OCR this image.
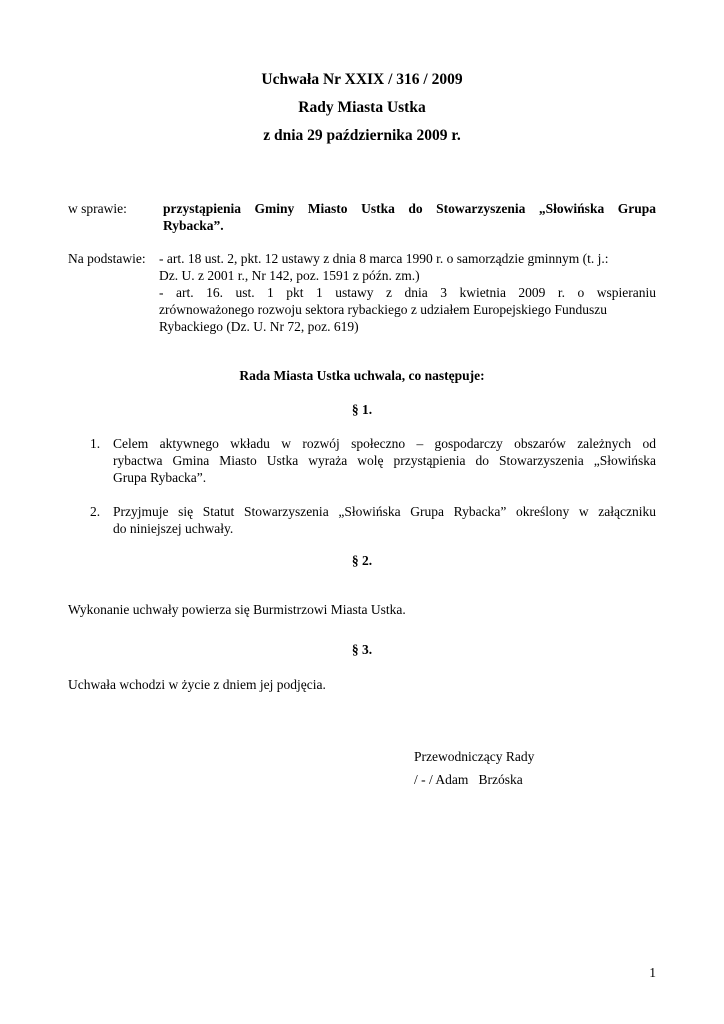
Uchwała Nr XXIX / 316 / 2009
Rady Miasta Ustka
z dnia 29 października 2009 r.
w sprawie:	przystąpienia Gminy Miasto Ustka do Stowarzyszenia „Słowińska Grupa
Rybacka”.
Na podstawie: - art. 18 ust. 2, pkt. 12 ustawy z dnia 8 marca 1990 r. o samorządzie gminnym (t. j.:
Dz. U. z 2001 r., Nr 142, poz. 1591 z późn. zm.)
- art. 16. ust. 1 pkt 1 ustawy z dnia 3 kwietnia 2009 r. o wspieraniu
zrównoważonego rozwoju sektora rybackiego z udziałem Europejskiego Funduszu
Rybackiego (Dz. U. Nr 72, poz. 619)
Rada Miasta Ustka uchwala, co następuje:
§ 1.
1. Celem aktywnego wkładu w rozwój społeczno – gospodarczy obszarów zależnych od
rybactwa Gmina Miasto Ustka wyraża wolę przystąpienia do Stowarzyszenia „Słowińska
Grupa Rybacka”.
2. Przyjmuje się Statut Stowarzyszenia „Słowińska Grupa Rybacka” określony w załączniku
do niniejszej uchwały.
§ 2.
Wykonanie uchwały powierza się Burmistrzowi Miasta Ustka.
§ 3.
Uchwała wchodzi w życie z dniem jej podjęcia.
Przewodniczący Rady
/ - / Adam   Brzóska
1
